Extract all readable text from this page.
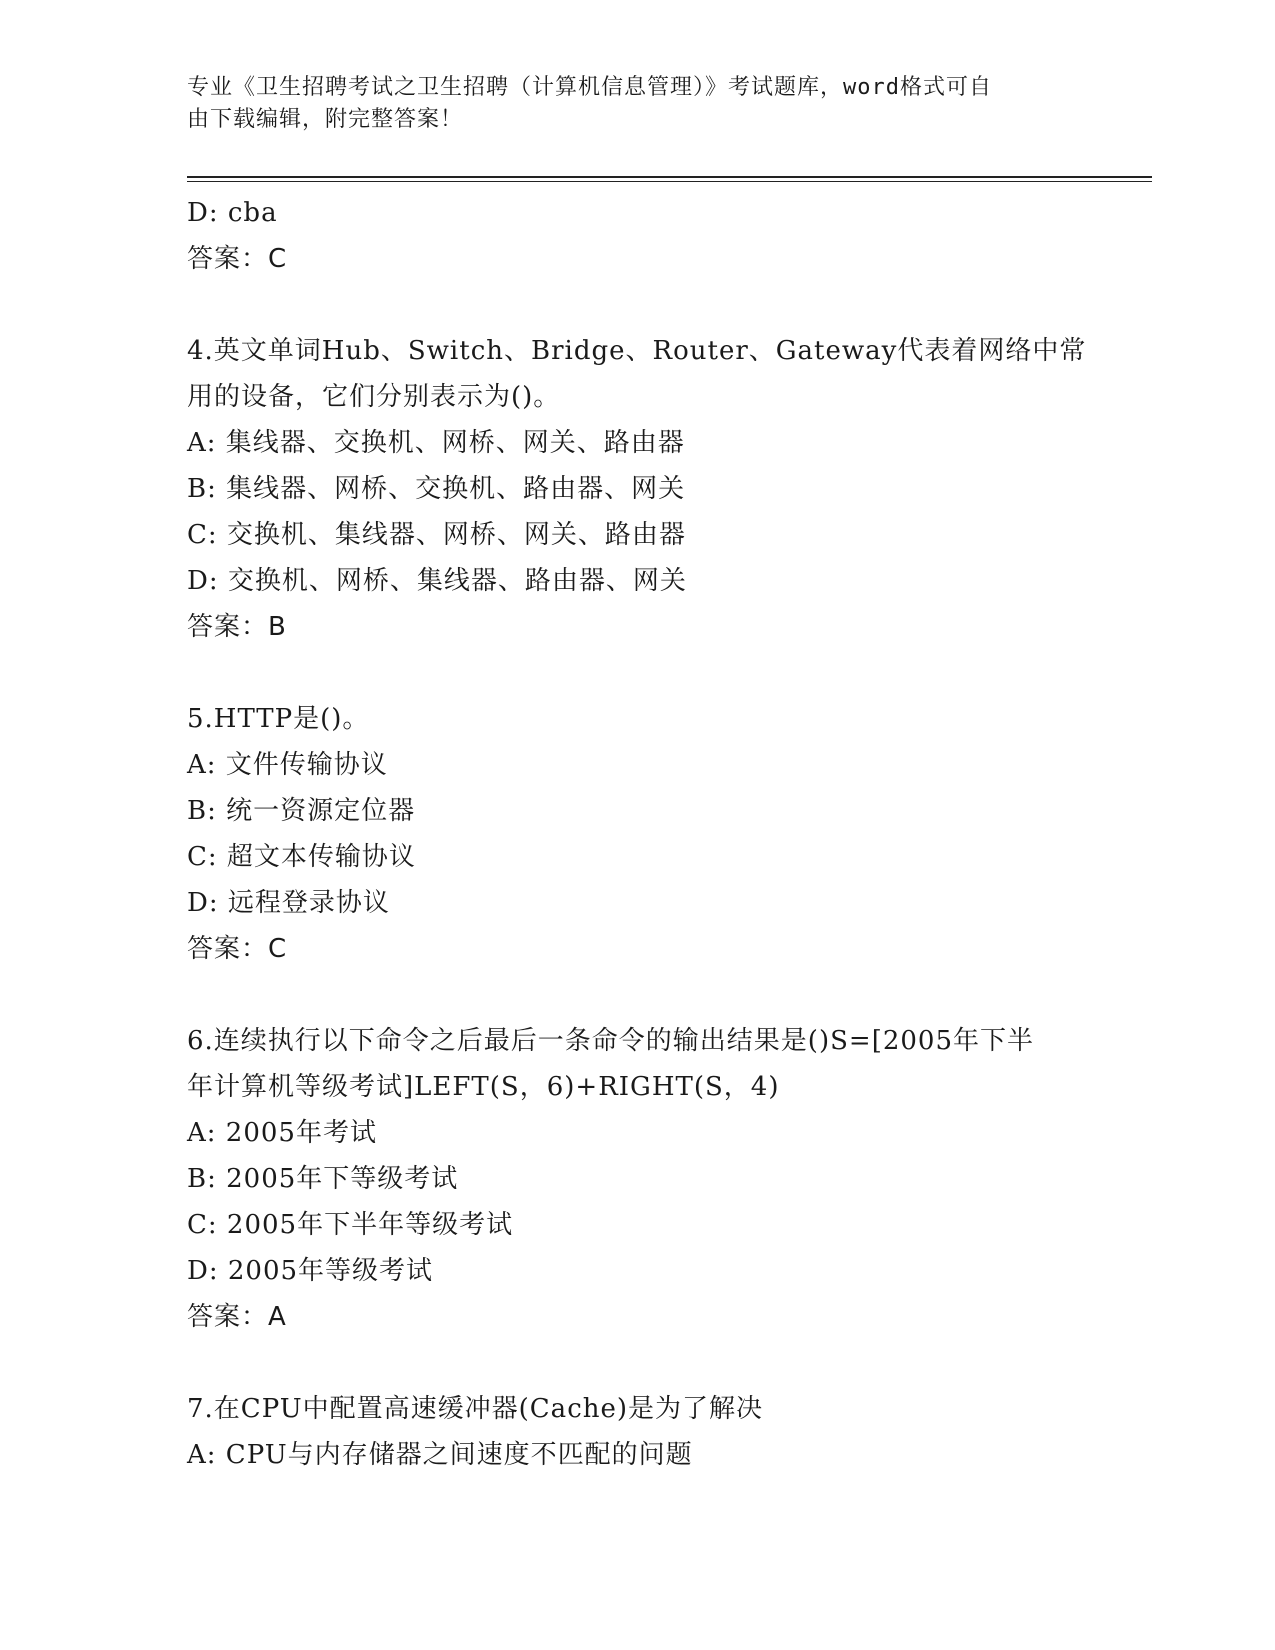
专业《卫生招聘考试之卫生招聘（计算机信息管理）》考试题库，word格式可自
由下载编辑，附完整答案！
D: cba
答案：C
4.英文单词Hub、Switch、Bridge、Router、Gateway代表着网络中常
用的设备，它们分别表示为()。
A: 集线器、交换机、网桥、网关、路由器
B: 集线器、网桥、交换机、路由器、网关
C: 交换机、集线器、网桥、网关、路由器
D: 交换机、网桥、集线器、路由器、网关
答案：B
5.HTTP是()。
A: 文件传输协议
B: 统一资源定位器
C: 超文本传输协议
D: 远程登录协议
答案：C
6.连续执行以下命令之后最后一条命令的输出结果是()S=[2005年下半
年计算机等级考试]LEFT(S，6)+RIGHT(S，4)
A: 2005年考试
B: 2005年下等级考试
C: 2005年下半年等级考试
D: 2005年等级考试
答案：A
7.在CPU中配置高速缓冲器(Cache)是为了解决
A: CPU与内存储器之间速度不匹配的问题
